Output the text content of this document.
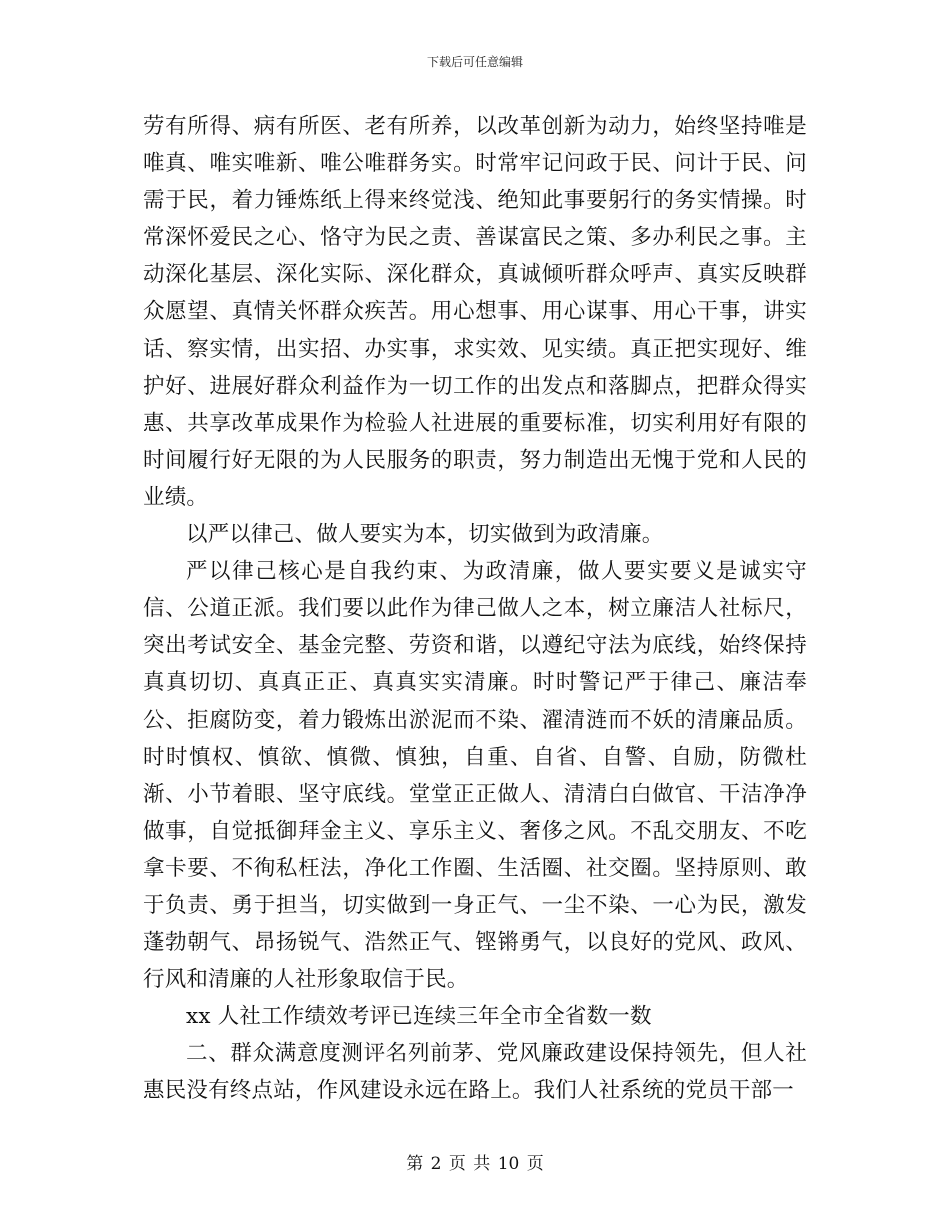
下载后可任意编辑

劳有所得、病有所医、老有所养，以改革创新为动力，始终坚持唯是唯真、唯实唯新、唯公唯群务实。时常牢记问政于民、问计于民、问需于民，着力锤炼纸上得来终觉浅、绝知此事要躬行的务实情操。时常深怀爱民之心、恪守为民之责、善谋富民之策、多办利民之事。主动深化基层、深化实际、深化群众，真诚倾听群众呼声、真实反映群众愿望、真情关怀群众疾苦。用心想事、用心谋事、用心干事，讲实话、察实情，出实招、办实事，求实效、见实绩。真正把实现好、维护好、进展好群众利益作为一切工作的出发点和落脚点，把群众得实惠、共享改革成果作为检验人社进展的重要标准，切实利用好有限的时间履行好无限的为人民服务的职责，努力制造出无愧于党和人民的业绩。

以严以律己、做人要实为本，切实做到为政清廉。

严以律己核心是自我约束、为政清廉，做人要实要义是诚实守信、公道正派。我们要以此作为律己做人之本，树立廉洁人社标尺，突出考试安全、基金完整、劳资和谐，以遵纪守法为底线，始终保持真真切切、真真正正、真真实实清廉。时时警记严于律己、廉洁奉公、拒腐防变，着力锻炼出淤泥而不染、濯清涟而不妖的清廉品质。时时慎权、慎欲、慎微、慎独，自重、自省、自警、自励，防微杜渐、小节着眼、坚守底线。堂堂正正做人、清清白白做官、干洁净净做事，自觉抵御拜金主义、享乐主义、奢侈之风。不乱交朋友、不吃拿卡要、不徇私枉法，净化工作圈、生活圈、社交圈。坚持原则、敢于负责、勇于担当，切实做到一身正气、一尘不染、一心为民，激发蓬勃朝气、昂扬锐气、浩然正气、铿锵勇气，以良好的党风、政风、行风和清廉的人社形象取信于民。

xx 人社工作绩效考评已连续三年全市全省数一数

二、群众满意度测评名列前茅、党风廉政建设保持领先，但人社惠民没有终点站，作风建设永远在路上。我们人社系统的党员干部一

第 2 页 共 10 页
